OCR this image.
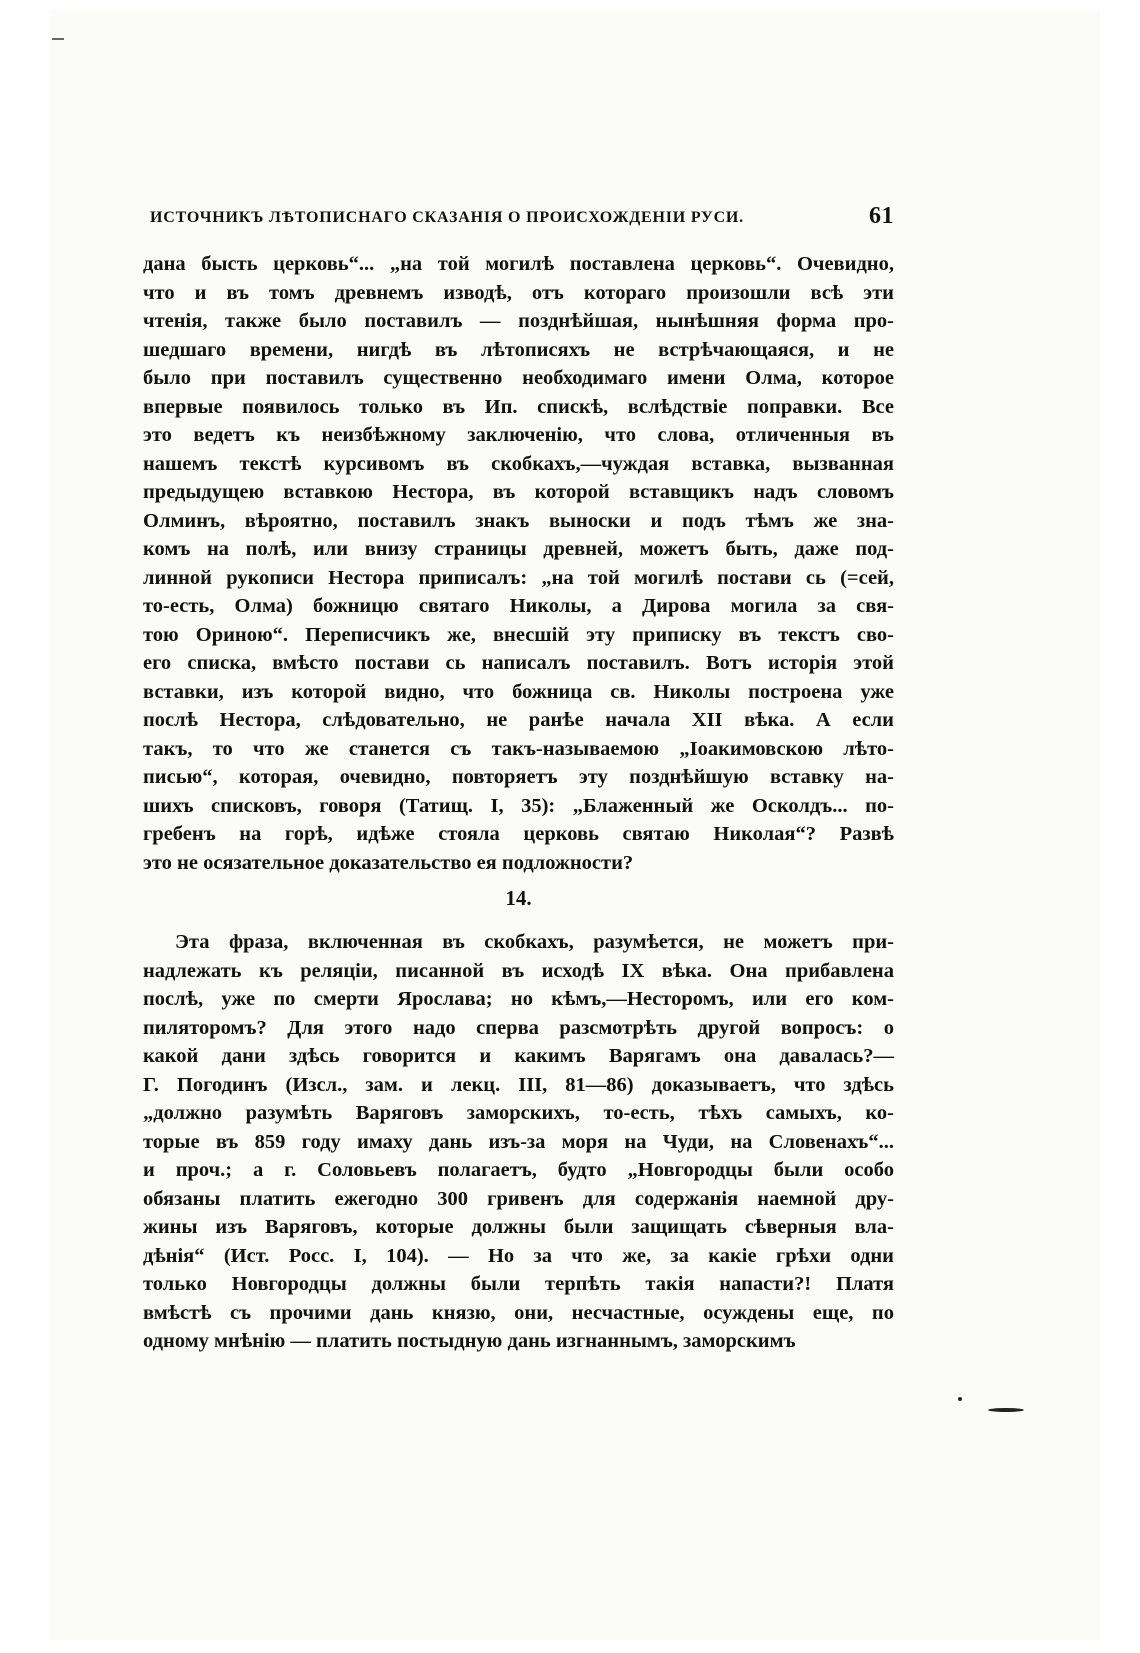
ИСТОЧНИКЪ ЛѢТОПИСНАГО СКАЗАНІЯ О ПРОИСХОЖДЕНІИ РУСИ.	61
дана бысть церковь“... „на той могилѣ поставлена церковь“. Очевидно,
что и въ томъ древнемъ изводѣ, отъ котораго произошли всѣ эти
чтенія, также было поставилъ — позднѣйшая, нынѣшняя форма про-
шедшаго времени, нигдѣ въ лѣтописяхъ не встрѣчающаяся, и не
было при поставилъ существенно необходимаго имени Олма, которое
впервые появилось только въ Ип. спискѣ, вслѣдствіе поправки. Все
это ведетъ къ неизбѣжному заключенію, что слова, отличенныя въ
нашемъ текстѣ курсивомъ въ скобкахъ,—чуждая вставка, вызванная
предыдущею вставкою Нестора, въ которой вставщикъ надъ словомъ
Олминъ, вѣроятно, поставилъ знакъ выноски и подъ тѣмъ же зна-
комъ на полѣ, или внизу страницы древней, можетъ быть, даже под-
линной рукописи Нестора приписалъ: „на той могилѣ постави сь (=сей,
то-есть, Олма) божницю святаго Николы, а Дирова могила за свя-
тою Ориною“. Переписчикъ же, внесшій эту приписку въ текстъ сво-
его списка, вмѣсто постави сь написалъ поставилъ. Вотъ исторія этой
вставки, изъ которой видно, что божница св. Николы построена уже
послѣ Нестора, слѣдовательно, не ранѣе начала XII вѣка. А если
такъ, то что же станется съ такъ-называемою „Іоакимовскою лѣто-
писью“, которая, очевидно, повторяетъ эту позднѣйшую вставку на-
шихъ списковъ, говоря (Татищ. I, 35): „Блаженный же Осколдъ... по-
гребенъ на горѣ, идѣже стояла церковь святаю Николая“? Развѣ
это не осязательное доказательство ея подложности?
14.
Эта фраза, включенная въ скобкахъ, разумѣется, не можетъ при-
надлежать къ реляціи, писанной въ исходѣ IX вѣка. Она прибавлена
послѣ, уже по смерти Ярослава; но кѣмъ,—Несторомъ, или его ком-
пиляторомъ? Для этого надо сперва разсмотрѣть другой вопросъ: о
какой дани здѣсь говорится и какимъ Варягамъ она давалась?—
Г. Погодинъ (Изсл., зам. и лекц. III, 81—86) доказываетъ, что здѣсь
„должно разумѣть Варяговъ заморскихъ, то-есть, тѣхъ самыхъ, ко-
торые въ 859 году имаху дань изъ-за моря на Чуди, на Словенахъ“...
и проч.; а г. Соловьевъ полагаетъ, будто „Новгородцы были особо
обязаны платить ежегодно 300 гривенъ для содержанія наемной дру-
жины изъ Варяговъ, которые должны были защищать сѣверныя вла-
дѣнія“ (Ист. Росс. I, 104). — Но за что же, за какіе грѣхи одни
только Новгородцы должны были терпѣть такія напасти?! Платя
вмѣстѣ съ прочими дань князю, они, несчастные, осуждены еще, по
одному мнѣнію — платить постыдную дань изгнаннымъ, заморскимъ
